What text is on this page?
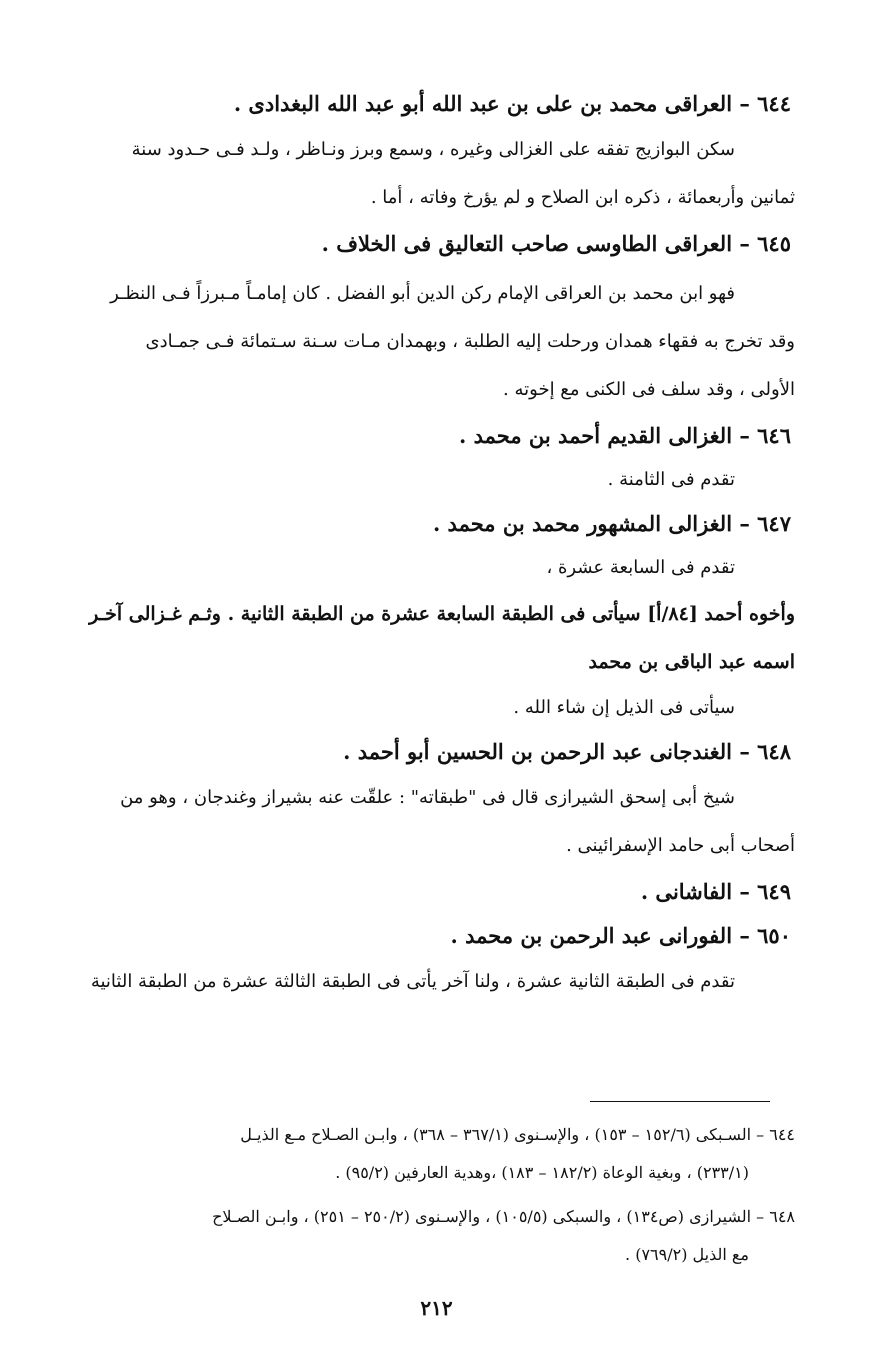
٦٤٤ – العراقى محمد بن على بن عبد الله أبو عبد الله البغدادى .

سكن البوازيج تفقه على الغزالى وغيره ، وسمع وبرز ونـاظر ، ولـد فـى حـدود سنة

ثمانين وأربعمائة ، ذكره ابن الصلاح و لم يؤرخ وفاته ، أما .

٦٤٥ – العراقى الطاوسى صاحب التعاليق فى الخلاف .

فهو ابن محمد بن العراقى الإمام ركن الدين أبو الفضل . كان إمامـاً مـبرزاً فـى النظـر

وقد تخرج به فقهاء همدان ورحلت إليه الطلبة ، وبهمدان مـات سـنة سـتمائة فـى جمـادى

الأولى ، وقد سلف فى الكنى مع إخوته .

٦٤٦ – الغزالى القديم أحمد بن محمد .

تقدم فى الثامنة .

٦٤٧ – الغزالى المشهور محمد بن محمد .

تقدم فى السابعة عشرة ،

وأخوه أحمد [٨٤/أ] سيأتى فى الطبقة السابعة عشرة من الطبقة الثانية . وثـم غـزالى آخـر

اسمه عبد الباقى بن محمد

سيأتى فى الذيل إن شاء الله .

٦٤٨ – الغندجانى عبد الرحمن بن الحسين أبو أحمد .

شيخ أبى إسحق الشيرازى قال فى "طبقاته" : علقّت عنه بشيراز وغندجان ، وهو من

أصحاب أبى حامد الإسفرائينى .

٦٤٩ – الفاشانى .

٦٥٠ – الفورانى عبد الرحمن بن محمد .

تقدم فى الطبقة الثانية عشرة ، ولنا آخر يأتى فى الطبقة الثالثة عشرة من الطبقة الثانية

٦٤٤ – السـبكى (١٥٢/٦ – ١٥٣) ، والإسـنوى (٣٦٧/١ – ٣٦٨) ، وابـن الصـلاح مـع الذيـل
(٢٣٣/١) ، وبغية الوعاة (١٨٢/٢ – ١٨٣) ،وهدية العارفين (٩٥/٢) .

٦٤٨ – الشيرازى (ص١٣٤) ، والسبكى (١٠٥/٥) ، والإسـنوى (٢٥٠/٢ – ٢٥١) ، وابـن الصـلاح
مع الذيل (٧٦٩/٢) .

٢١٢
